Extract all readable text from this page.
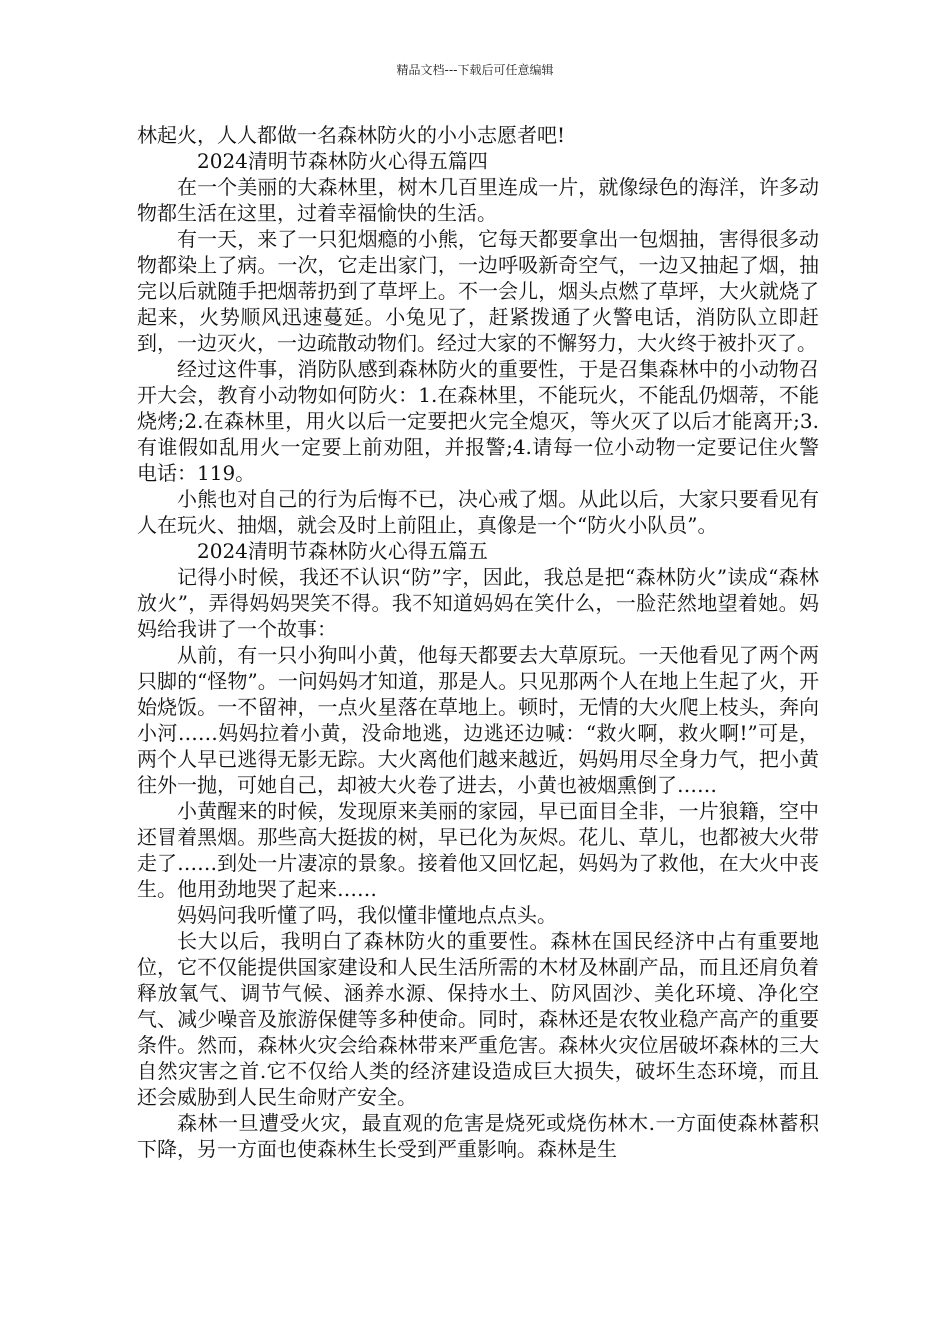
精品文档---下载后可任意编辑

林起火，人人都做一名森林防火的小小志愿者吧!

2024清明节森林防火心得五篇四

在一个美丽的大森林里，树木几百里连成一片，就像绿色的海洋，许多动物都生活在这里，过着幸福愉快的生活。

有一天，来了一只犯烟瘾的小熊，它每天都要拿出一包烟抽，害得很多动物都染上了病。一次，它走出家门，一边呼吸新奇空气，一边又抽起了烟，抽完以后就随手把烟蒂扔到了草坪上。不一会儿，烟头点燃了草坪，大火就烧了起来，火势顺风迅速蔓延。小兔见了，赶紧拨通了火警电话，消防队立即赶到，一边灭火，一边疏散动物们。经过大家的不懈努力，大火终于被扑灭了。

经过这件事，消防队感到森林防火的重要性，于是召集森林中的小动物召开大会，教育小动物如何防火：1.在森林里，不能玩火，不能乱仍烟蒂，不能烧烤;2.在森林里，用火以后一定要把火完全熄灭，等火灭了以后才能离开;3.有谁假如乱用火一定要上前劝阻，并报警;4.请每一位小动物一定要记住火警电话：119。

小熊也对自己的行为后悔不已，决心戒了烟。从此以后，大家只要看见有人在玩火、抽烟，就会及时上前阻止，真像是一个“防火小队员”。

2024清明节森林防火心得五篇五

记得小时候，我还不认识“防”字，因此，我总是把“森林防火”读成“森林放火”，弄得妈妈哭笑不得。我不知道妈妈在笑什么，一脸茫然地望着她。妈妈给我讲了一个故事：

从前，有一只小狗叫小黄，他每天都要去大草原玩。一天他看见了两个两只脚的“怪物”。一问妈妈才知道，那是人。只见那两个人在地上生起了火，开始烧饭。一不留神，一点火星落在草地上。顿时，无情的大火爬上枝头，奔向小河……妈妈拉着小黄，没命地逃，边逃还边喊：“救火啊，救火啊!”可是，两个人早已逃得无影无踪。大火离他们越来越近，妈妈用尽全身力气，把小黄往外一抛，可她自己，却被大火卷了进去，小黄也被烟熏倒了……

小黄醒来的时候，发现原来美丽的家园，早已面目全非，一片狼籍，空中还冒着黑烟。那些高大挺拔的树，早已化为灰烬。花儿、草儿，也都被大火带走了……到处一片凄凉的景象。接着他又回忆起，妈妈为了救他，在大火中丧生。他用劲地哭了起来……

妈妈问我听懂了吗，我似懂非懂地点点头。

长大以后，我明白了森林防火的重要性。森林在国民经济中占有重要地位，它不仅能提供国家建设和人民生活所需的木材及林副产品，而且还肩负着释放氧气、调节气候、涵养水源、保持水土、防风固沙、美化环境、净化空气、减少噪音及旅游保健等多种使命。同时，森林还是农牧业稳产高产的重要条件。然而，森林火灾会给森林带来严重危害。森林火灾位居破坏森林的三大自然灾害之首.它不仅给人类的经济建设造成巨大损失，破坏生态环境，而且还会威胁到人民生命财产安全。

森林一旦遭受火灾，最直观的危害是烧死或烧伤林木.一方面使森林蓄积下降，另一方面也使森林生长受到严重影响。森林是生
